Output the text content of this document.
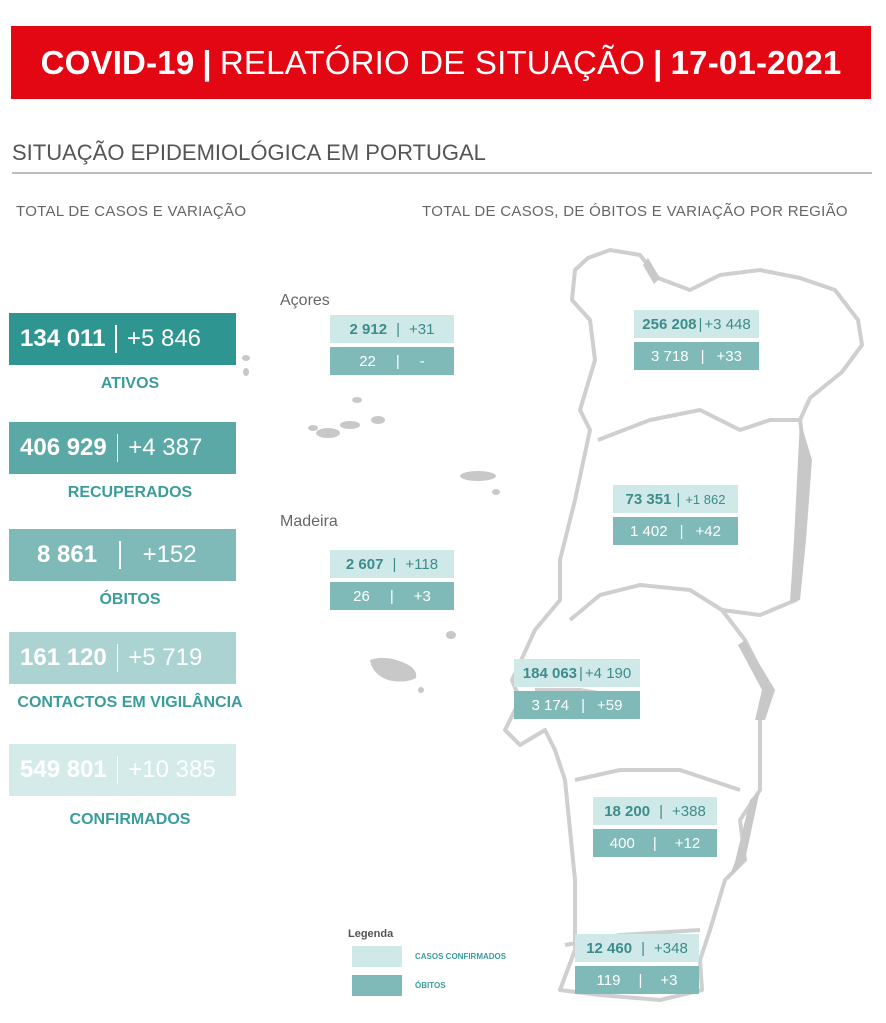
COVID-19 | RELATÓRIO DE SITUAÇÃO | 17-01-2021
SITUAÇÃO EPIDEMIOLÓGICA EM PORTUGAL
TOTAL DE CASOS E VARIAÇÃO	TOTAL DE CASOS, DE ÓBITOS E VARIAÇÃO POR REGIÃO
134 011 +5 846
ATIVOS
406 929 +4 387
RECUPERADOS
8 861 +152
ÓBITOS
161 120 +5 719
CONTACTOS EM VIGILÂNCIA
549 801 +10 385
CONFIRMADOS
Açores
Madeira
2 912 | +31
22 | -
2 607 | +118
26 | +3
256 208 | +3 448
3 718 | +33
73 351 | +1 862
1 402 | +42
184 063 | +4 190
3 174 | +59
18 200 | +388
400 | +12
12 460 | +348
119 | +3
Legenda
CASOS CONFIRMADOS
ÓBITOS
